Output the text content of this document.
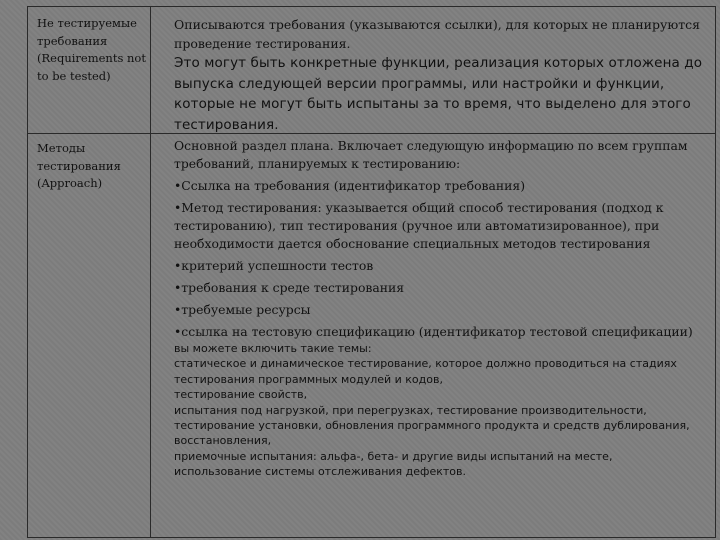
Не тестируемые требования (Requirements not to be tested)
Описываются требования (указываются ссылки), для которых не планируются проведение тестирования.
Это могут быть конкретные функции, реализация которых отложена до выпуска следующей версии программы, или настройки и функции, которые не могут быть испытаны за то время, что выделено для этого тестирования.
Методы тестирования (Approach)
Основной раздел плана. Включает следующую информацию по всем группам требований, планируемых к тестированию:
•Ссылка на требования (идентификатор требования)
•Метод тестирования: указывается общий способ тестирования (подход к тестированию), тип тестирования (ручное или автоматизированное), при необходимости дается обоснование специальных методов тестирования
•критерий успешности тестов
•требования к среде тестирования
•требуемые ресурсы
•ссылка на тестовую спецификацию (идентификатор тестовой спецификации)
вы можете включить такие темы:
статическое и динамическое тестирование, которое должно проводиться на стадиях тестирования программных модулей и кодов,
тестирование свойств,
испытания под нагрузкой, при перегрузках, тестирование производительности,
тестирование установки, обновления программного продукта и средств дублирования, восстановления,
приемочные испытания: альфа-, бета- и другие виды испытаний на месте,
использование системы отслеживания дефектов.
